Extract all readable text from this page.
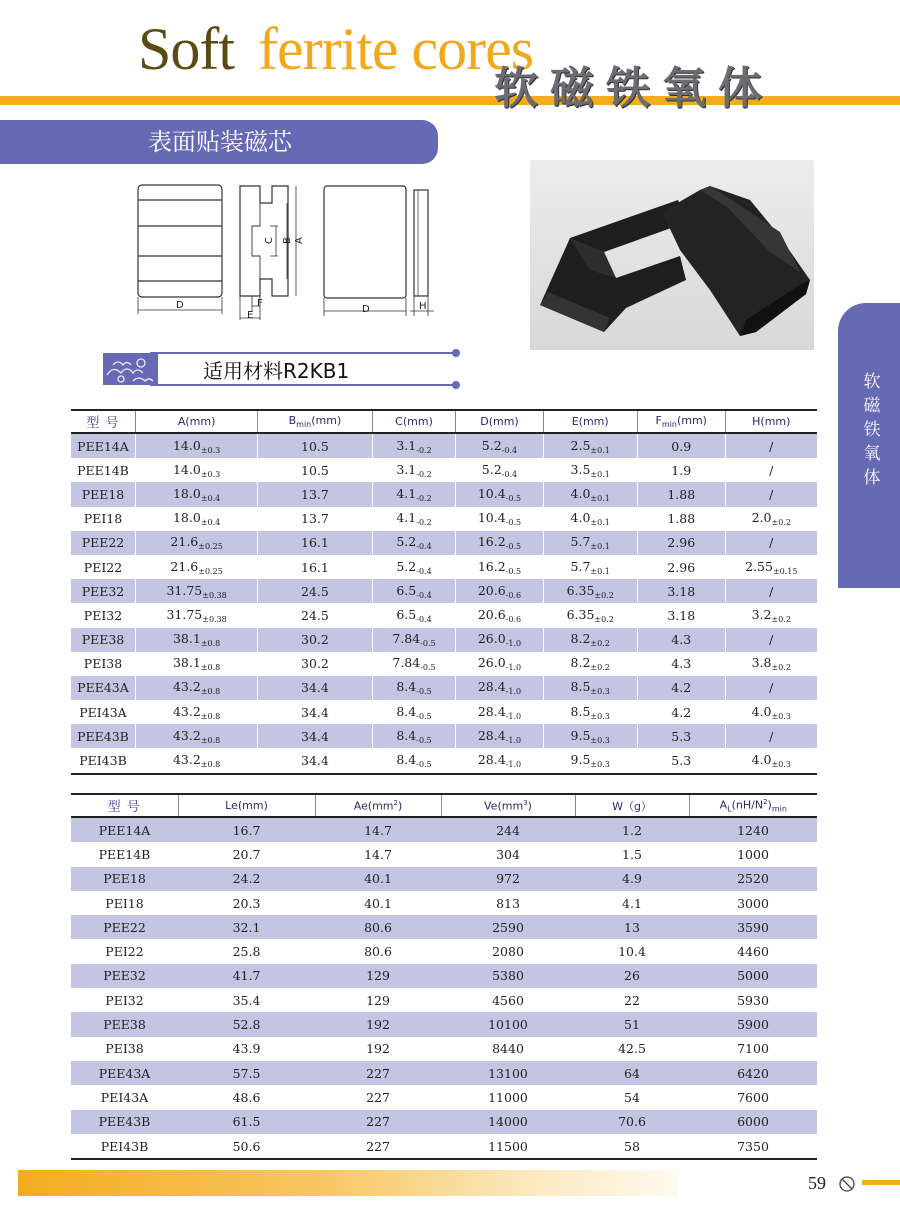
Soft ferrite cores
软磁铁氧体
表面贴装磁芯
软磁铁氧体
D
C B A
F
E
D	H
适用材料R2KB1
型 号	A(mm)	$B_{min}(mm)$	C(mm)	D(mm)	E(mm)	$F_{min}(mm)$	H(mm)
PEE14A	$14.0_{\pm 0.3}$	10.5	$3.1_{-0.2}$	$5.2_{-0.4}$	$2.5_{\pm 0.1}$	0.9	/
PEE14B	$14.0_{\pm 0.3}$	10.5	$3.1_{-0.2}$	$5.2_{-0.4}$	$3.5_{\pm 0.1}$	1.9	/
PEE18	$18.0_{\pm 0.4}$	13.7	$4.1_{-0.2}$	$10.4_{-0.5}$	$4.0_{\pm 0.1}$	1.88	/
PEI18	$18.0_{\pm 0.4}$	13.7	$4.1_{-0.2}$	$10.4_{-0.5}$	$4.0_{\pm 0.1}$	1.88	$2.0_{\pm 0.2}$
PEE22	$21.6_{\pm 0.25}$	16.1	$5.2_{-0.4}$	$16.2_{-0.5}$	$5.7_{\pm 0.1}$	2.96	/
PEI22	$21.6_{\pm 0.25}$	16.1	$5.2_{-0.4}$	$16.2_{-0.5}$	$5.7_{\pm 0.1}$	2.96	$2.55_{\pm 0.15}$
PEE32	$31.75_{\pm 0.38}$	24.5	$6.5_{-0.4}$	$20.6_{-0.6}$	$6.35_{\pm 0.2}$	3.18	/
PEI32	$31.75_{\pm 0.38}$	24.5	$6.5_{-0.4}$	$20.6_{-0.6}$	$6.35_{\pm 0.2}$	3.18	$3.2_{\pm 0.2}$
PEE38	$38.1_{\pm 0.8}$	30.2	$7.84_{-0.5}$	$26.0_{-1.0}$	$8.2_{\pm 0.2}$	4.3	/
PEI38	$38.1_{\pm 0.8}$	30.2	$7.84_{-0.5}$	$26.0_{-1.0}$	$8.2_{\pm 0.2}$	4.3	$3.8_{\pm 0.2}$
PEE43A	$43.2_{\pm 0.8}$	34.4	$8.4_{-0.5}$	$28.4_{-1.0}$	$8.5_{\pm 0.3}$	4.2	/
PEI43A	$43.2_{\pm 0.8}$	34.4	$8.4_{-0.5}$	$28.4_{-1.0}$	$8.5_{\pm 0.3}$	4.2	$4.0_{\pm 0.3}$
PEE43B	$43.2_{\pm 0.8}$	34.4	$8.4_{-0.5}$	$28.4_{-1.0}$	$9.5_{\pm 0.3}$	5.3	/
PEI43B	$43.2_{\pm 0.8}$	34.4	$8.4_{-0.5}$	$28.4_{-1.0}$	$9.5_{\pm 0.3}$	5.3	$4.0_{\pm 0.3}$
型 号	Le(mm)	$Ae(mm^2)$	$Ve(mm^3)$	W（g）	$A_L(nH/N^2)_{min}$
PEE14A	16.7	14.7	244	1.2	1240
PEE14B	20.7	14.7	304	1.5	1000
PEE18	24.2	40.1	972	4.9	2520
PEI18	20.3	40.1	813	4.1	3000
PEE22	32.1	80.6	2590	13	3590
PEI22	25.8	80.6	2080	10.4	4460
PEE32	41.7	129	5380	26	5000
PEI32	35.4	129	4560	22	5930
PEE38	52.8	192	10100	51	5900
PEI38	43.9	192	8440	42.5	7100
PEE43A	57.5	227	13100	64	6420
PEI43A	48.6	227	11000	54	7600
PEE43B	61.5	227	14000	70.6	6000
PEI43B	50.6	227	11500	58	7350
59
